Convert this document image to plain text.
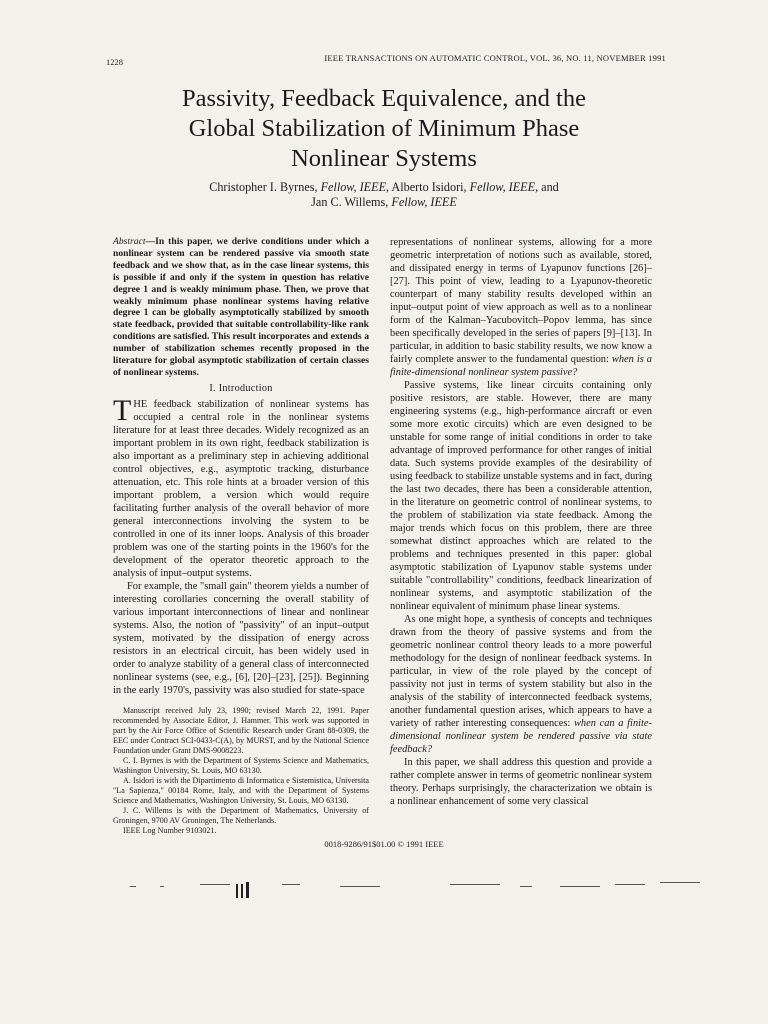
1228	IEEE TRANSACTIONS ON AUTOMATIC CONTROL, VOL. 36, NO. 11, NOVEMBER 1991
Passivity, Feedback Equivalence, and the
Global Stabilization of Minimum Phase
Nonlinear Systems
Christopher I. Byrnes, Fellow, IEEE, Alberto Isidori, Fellow, IEEE, and
Jan C. Willems, Fellow, IEEE

Abstract—In this paper, we derive conditions under which a nonlinear system can be rendered passive via smooth state feedback and we show that, as in the case linear systems, this is possible if and only if the system in question has relative degree 1 and is weakly minimum phase. Then, we prove that weakly minimum phase nonlinear systems having relative degree 1 can be globally asymptotically stabilized by smooth state feedback, provided that suitable controllability-like rank conditions are satisfied. This result incorporates and extends a number of stabilization schemes recently proposed in the literature for global asymptotic stabilization of certain classes of nonlinear systems.

I. Introduction

THE feedback stabilization of nonlinear systems has occupied a central role in the nonlinear systems literature for at least three decades. Widely recognized as an important problem in its own right, feedback stabilization is also important as a preliminary step in achieving additional control objectives, e.g., asymptotic tracking, disturbance attenuation, etc. This role hints at a broader version of this important problem, a version which would require facilitating further analysis of the overall behavior of more general interconnections involving the system to be controlled in one of its inner loops. Analysis of this broader problem was one of the starting points in the 1960's for the development of the operator theoretic approach to the analysis of input–output systems.

For example, the "small gain" theorem yields a number of interesting corollaries concerning the overall stability of various important interconnections of linear and nonlinear systems. Also, the notion of "passivity" of an input–output system, motivated by the dissipation of energy across resistors in an electrical circuit, has been widely used in order to analyze stability of a general class of interconnected nonlinear systems (see, e.g., [6], [20]–[23], [25]). Beginning in the early 1970's, passivity was also studied for state-space

Manuscript received July 23, 1990; revised March 22, 1991. Paper recommended by Associate Editor, J. Hammer. This work was supported in part by the Air Force Office of Scientific Research under Grant 88-0309, the EEC under Contract SCI-0433-C(A), by MURST, and by the National Science Foundation under Grant DMS-9008223.

C. I. Byrnes is with the Department of Systems Science and Mathematics, Washington University, St. Louis, MO 63130.

A. Isidori is with the Dipartimento di Informatica e Sistemistica, Universita "La Sapienza," 00184 Rome, Italy, and with the Department of Systems Science and Mathematics, Washington University, St. Louis, MO 63130.

J. C. Willems is with the Department of Mathematics, University of Groningen, 9700 AV Groningen, The Netherlands.

IEEE Log Number 9103021.

representations of nonlinear systems, allowing for a more geometric interpretation of notions such as available, stored, and dissipated energy in terms of Lyapunov functions [26]–[27]. This point of view, leading to a Lyapunov-theoretic counterpart of many stability results developed within an input–output point of view approach as well as to a nonlinear form of the Kalman–Yacubovitch–Popov lemma, has since been specifically developed in the series of papers [9]–[13]. In particular, in addition to basic stability results, we now know a fairly complete answer to the fundamental question: when is a finite-dimensional nonlinear system passive?

Passive systems, like linear circuits containing only positive resistors, are stable. However, there are many engineering systems (e.g., high-performance aircraft or even some more exotic circuits) which are even designed to be unstable for some range of initial conditions in order to take advantage of improved performance for other ranges of initial data. Such systems provide examples of the desirability of using feedback to stabilize unstable systems and in fact, during the last two decades, there has been a considerable attention, in the literature on geometric control of nonlinear systems, to the problem of stabilization via state feedback. Among the major trends which focus on this problem, there are three somewhat distinct approaches which are related to the problems and techniques presented in this paper: global asymptotic stabilization of Lyapunov stable systems under suitable "controllability" conditions, feedback linearization of nonlinear systems, and asymptotic stabilization of the nonlinear equivalent of minimum phase linear systems.

As one might hope, a synthesis of concepts and techniques drawn from the theory of passive systems and from the geometric nonlinear control theory leads to a more powerful methodology for the design of nonlinear feedback systems. In particular, in view of the role played by the concept of passivity not just in terms of system stability but also in the analysis of the stability of interconnected feedback systems, another fundamental question arises, which appears to have a variety of rather interesting consequences: when can a finite-dimensional nonlinear system be rendered passive via state feedback?

In this paper, we shall address this question and provide a rather complete answer in terms of geometric nonlinear system theory. Perhaps surprisingly, the characterization we obtain is a nonlinear enhancement of some very classical

0018-9286/91$01.00 © 1991 IEEE
